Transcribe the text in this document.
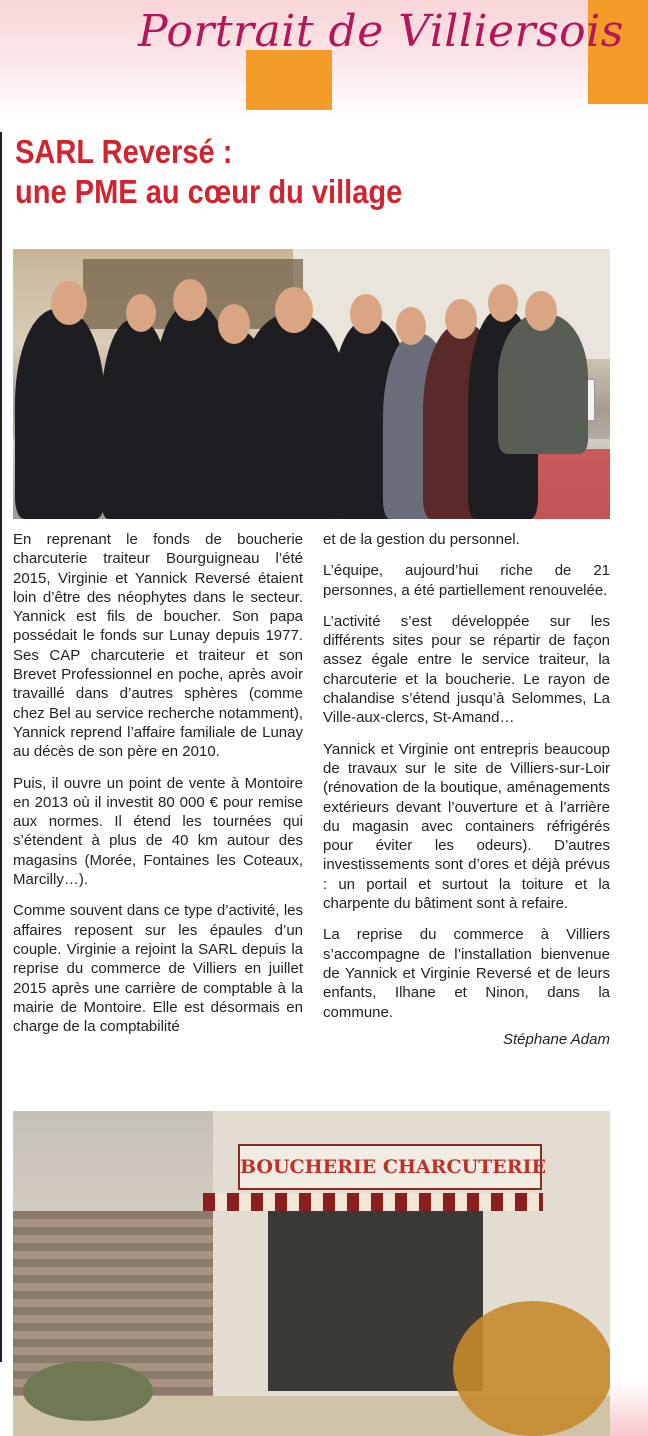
Portrait de Villiersois
SARL Reversé :
une PME au cœur du village

En reprenant le fonds de boucherie charcuterie traiteur Bourguigneau l’été 2015, Virginie et Yannick Reversé étaient loin d’être des néophytes dans le secteur. Yannick est fils de boucher. Son papa possédait le fonds sur Lunay depuis 1977. Ses CAP charcuterie et traiteur et son Brevet Professionnel en poche, après avoir travaillé dans d’autres sphères (comme chez Bel au service recherche notamment), Yannick reprend l’affaire familiale de Lunay au décès de son père en 2010.

Puis, il ouvre un point de vente à Montoire en 2013 où il investit 80 000 € pour remise aux normes. Il étend les tournées qui s’étendent à plus de 40 km autour des magasins (Morée, Fontaines les Coteaux, Marcilly…).

Comme souvent dans ce type d’activité, les affaires reposent sur les épaules d’un couple. Virginie a rejoint la SARL depuis la reprise du commerce de Villiers en juillet 2015 après une carrière de comptable à la mairie de Montoire. Elle est désormais en charge de la comptabilité

et de la gestion du personnel.

L’équipe, aujourd’hui riche de 21 personnes, a été partiellement renouvelée.

L’activité s’est développée sur les différents sites pour se répartir de façon assez égale entre le service traiteur, la charcuterie et la boucherie. Le rayon de chalandise s’étend jusqu’à Selommes, La Ville-aux-clercs, St-Amand…

Yannick et Virginie ont entrepris beaucoup de travaux sur le site de Villiers-sur-Loir (rénovation de la boutique, aménagements extérieurs devant l’ouverture et à l’arrière du magasin avec containers réfrigérés pour éviter les odeurs). D’autres investissements sont d’ores et déjà prévus : un portail et surtout la toiture et la charpente du bâtiment sont à refaire.

La reprise du commerce à Villiers s’accompagne de l’installation bienvenue de Yannick et Virginie Reversé et de leurs enfants, Ilhane et Ninon, dans la commune.

Stéphane Adam
BOUCHERIE CHARCUTERIE
